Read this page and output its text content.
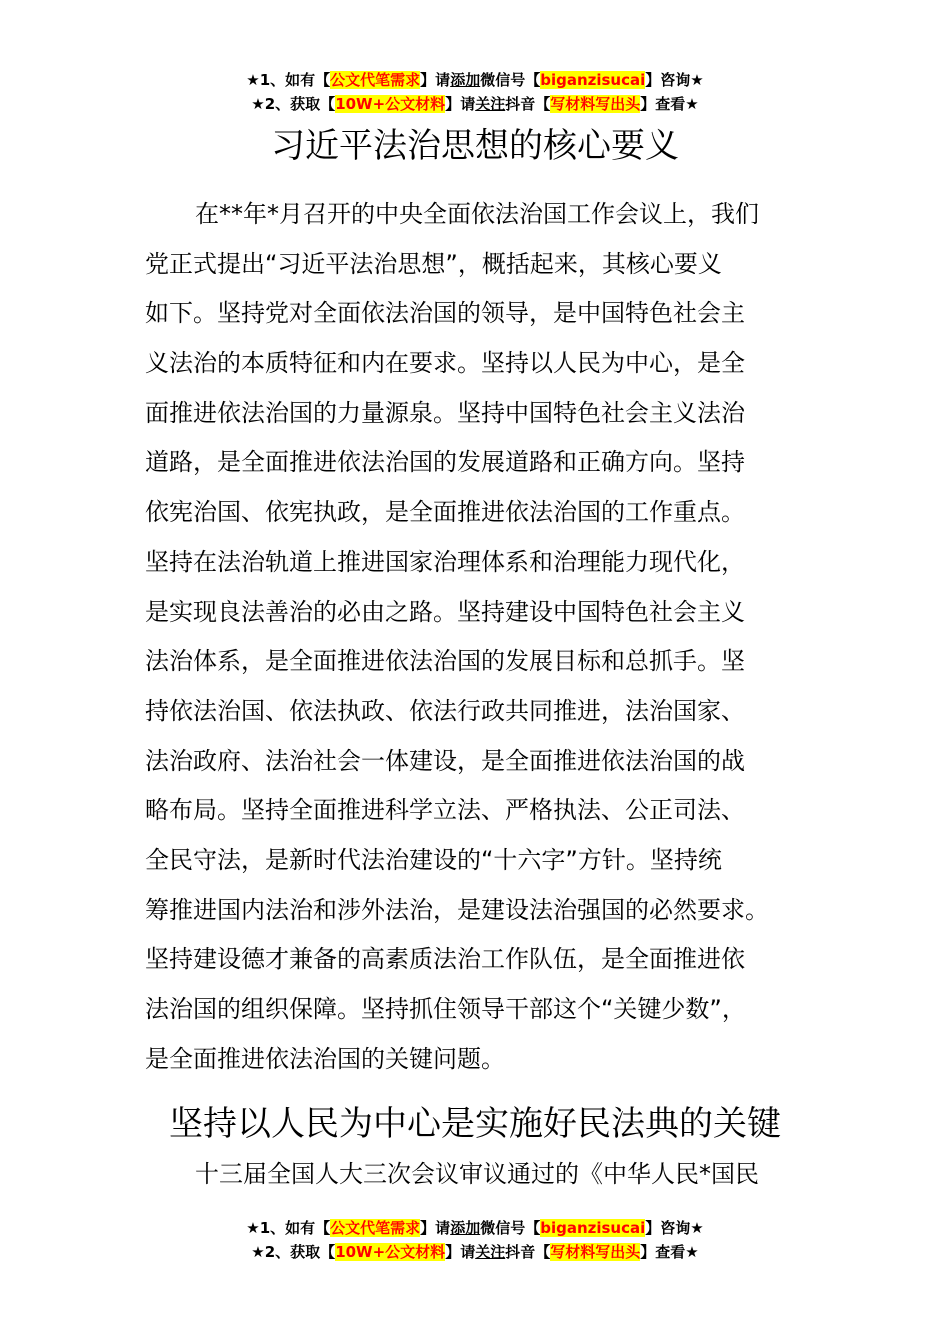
★1、如有【公文代笔需求】请添加微信号【biganzisucai】咨询★
★2、获取【10W+公文材料】请关注抖音【写材料写出头】查看★
习近平法治思想的核心要义
在**年*月召开的中央全面依法治国工作会议上，我们
党正式提出“习近平法治思想”，概括起来，其核心要义
如下。坚持党对全面依法治国的领导，是中国特色社会主
义法治的本质特征和内在要求。坚持以人民为中心，是全
面推进依法治国的力量源泉。坚持中国特色社会主义法治
道路，是全面推进依法治国的发展道路和正确方向。坚持
依宪治国、依宪执政，是全面推进依法治国的工作重点。
坚持在法治轨道上推进国家治理体系和治理能力现代化，
是实现良法善治的必由之路。坚持建设中国特色社会主义
法治体系，是全面推进依法治国的发展目标和总抓手。坚
持依法治国、依法执政、依法行政共同推进，法治国家、
法治政府、法治社会一体建设，是全面推进依法治国的战
略布局。坚持全面推进科学立法、严格执法、公正司法、
全民守法，是新时代法治建设的“十六字”方针。坚持统
筹推进国内法治和涉外法治，是建设法治强国的必然要求。
坚持建设德才兼备的高素质法治工作队伍，是全面推进依
法治国的组织保障。坚持抓住领导干部这个“关键少数”，
是全面推进依法治国的关键问题。
坚持以人民为中心是实施好民法典的关键
十三届全国人大三次会议审议通过的《中华人民*国民
★1、如有【公文代笔需求】请添加微信号【biganzisucai】咨询★
★2、获取【10W+公文材料】请关注抖音【写材料写出头】查看★
